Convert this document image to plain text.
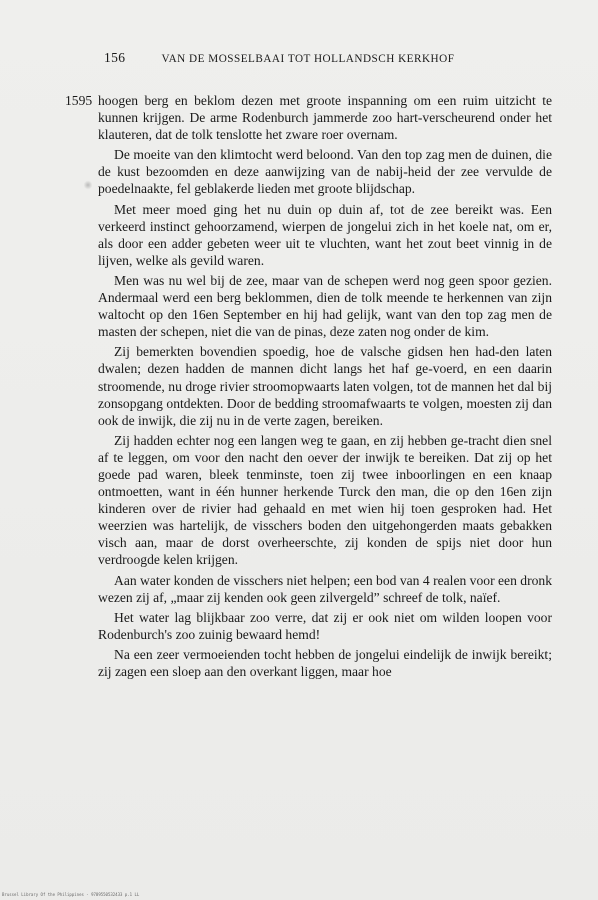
156	VAN DE MOSSELBAAI TOT HOLLANDSCH KERKHOF
1595 hoogen berg en beklom dezen met groote inspanning om een ruim uitzicht te kunnen krijgen. De arme Rodenburch jammerde zoo hart-verscheurend onder het klauteren, dat de tolk tenslotte het zware roer overnam.

De moeite van den klimtocht werd beloond. Van den top zag men de duinen, die de kust bezoomden en deze aanwijzing van de nabij-heid der zee vervulde de poedelnaakte, fel geblakerde lieden met groote blijdschap.

Met meer moed ging het nu duin op duin af, tot de zee bereikt was. Een verkeerd instinct gehoorzamend, wierpen de jongelui zich in het koele nat, om er, als door een adder gebeten weer uit te vluchten, want het zout beet vinnig in de lijven, welke als gevild waren.

Men was nu wel bij de zee, maar van de schepen werd nog geen spoor gezien. Andermaal werd een berg beklommen, dien de tolk meende te herkennen van zijn waltocht op den 16en September en hij had gelijk, want van den top zag men de masten der schepen, niet die van de pinas, deze zaten nog onder de kim.

Zij bemerkten bovendien spoedig, hoe de valsche gidsen hen had-den laten dwalen; dezen hadden de mannen dicht langs het haf ge-voerd, en een daarin stroomende, nu droge rivier stroomopwaarts laten volgen, tot de mannen het dal bij zonsopgang ontdekten. Door de bedding stroomafwaarts te volgen, moesten zij dan ook de inwijk, die zij nu in de verte zagen, bereiken.

Zij hadden echter nog een langen weg te gaan, en zij hebben ge-tracht dien snel af te leggen, om voor den nacht den oever der inwijk te bereiken. Dat zij op het goede pad waren, bleek tenminste, toen zij twee inboorlingen en een knaap ontmoetten, want in één hunner herkende Turck den man, die op den 16en zijn kinderen over de rivier had gehaald en met wien hij toen gesproken had. Het weerzien was hartelijk, de visschers boden den uitgehongerden maats gebakken visch aan, maar de dorst overheerschte, zij konden de spijs niet door hun verdroogde kelen krijgen.

Aan water konden de visschers niet helpen; een bod van 4 realen voor een dronk wezen zij af, „maar zij kenden ook geen zilvergeld” schreef de tolk, naïef.

Het water lag blijkbaar zoo verre, dat zij er ook niet om wilden loopen voor Rodenburch's zoo zuinig bewaard hemd!

Na een zeer vermoeienden tocht hebben de jongelui eindelijk de inwijk bereikt; zij zagen een sloep aan den overkant liggen, maar hoe

Brussel Library Of the Philippines - 9789550532433 p.1 LL
